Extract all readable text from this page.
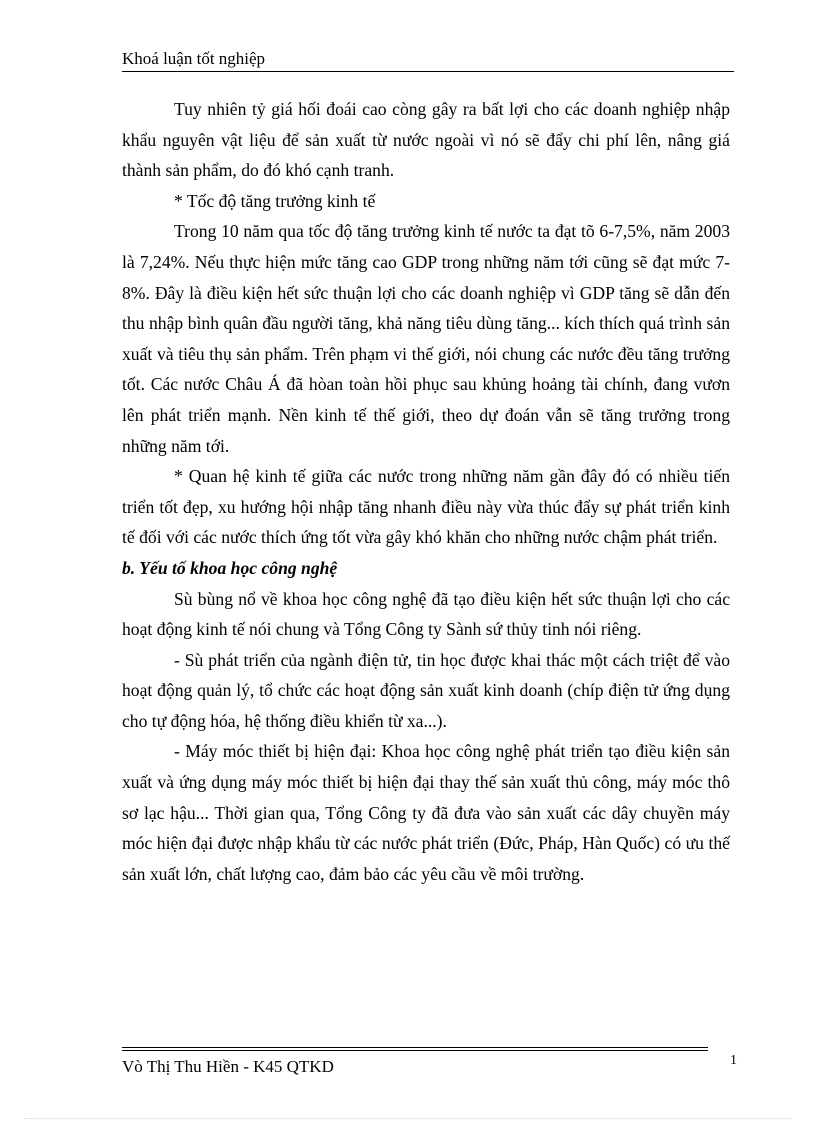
Khoá luận tốt nghiệp

Tuy nhiên tỷ giá hối đoái cao còng gây ra bất lợi cho các doanh nghiệp nhập khẩu nguyên vật liệu để sản xuất từ nước ngoài vì nó sẽ đẩy chi phí lên, nâng giá thành sản phẩm, do đó khó cạnh tranh.

* Tốc độ tăng trưởng kinh tế

Trong 10 năm qua tốc độ tăng trưởng kinh tế nước ta đạt tõ 6-7,5%, năm 2003 là 7,24%. Nếu thực hiện mức tăng cao GDP trong những năm tới cũng sẽ đạt mức 7-8%. Đây là điều kiện hết sức thuận lợi cho các doanh nghiệp vì GDP tăng sẽ dẫn đến thu nhập bình quân đầu người tăng, khả năng tiêu dùng tăng... kích thích quá trình sản xuất và tiêu thụ sản phẩm. Trên phạm vi thế giới, nói chung các nước đều tăng trưởng tốt. Các nước Châu Á đã hòan toàn hồi phục sau khủng hoảng tài chính, đang vươn lên phát triển mạnh. Nền kinh tế thế giới, theo dự đoán vẫn sẽ tăng trưởng trong những năm tới.

* Quan hệ kinh tế giữa các nước trong những năm gần đây đó có nhiều tiến triển tốt đẹp, xu hướng hội nhập tăng nhanh điều này vừa thúc đẩy sự phát triển kinh tế đối với các nước thích ứng tốt vừa gây khó khăn cho những nước chậm phát triển.

b. Yếu tố khoa học công nghệ

Sù bùng nổ về khoa học công nghệ đã tạo điều kiện hết sức thuận lợi cho các hoạt động kinh tế nói chung và Tổng Công ty Sành sứ thủy tinh nói riêng.

- Sù phát triển của ngành điện tử, tin học được khai thác một cách triệt để vào hoạt động quản lý, tổ chức các hoạt động sản xuất kinh doanh (chíp điện tử ứng dụng cho tự động hóa, hệ thống điều khiển từ xa...).

- Máy móc thiết bị hiện đại: Khoa học công nghệ phát triển tạo điều kiện sản xuất và ứng dụng máy móc thiết bị hiện đại thay thế sản xuất thủ công, máy móc thô sơ lạc hậu... Thời gian qua, Tổng Công ty đã đưa vào sản xuất các dây chuyền máy móc hiện đại được nhập khẩu từ các nước phát triển (Đức, Pháp, Hàn Quốc) có ưu thế sản xuất lớn, chất lượng cao, đảm bảo các yêu cầu về môi trường.

Vò Thị Thu Hiền - K45 QTKD	1
